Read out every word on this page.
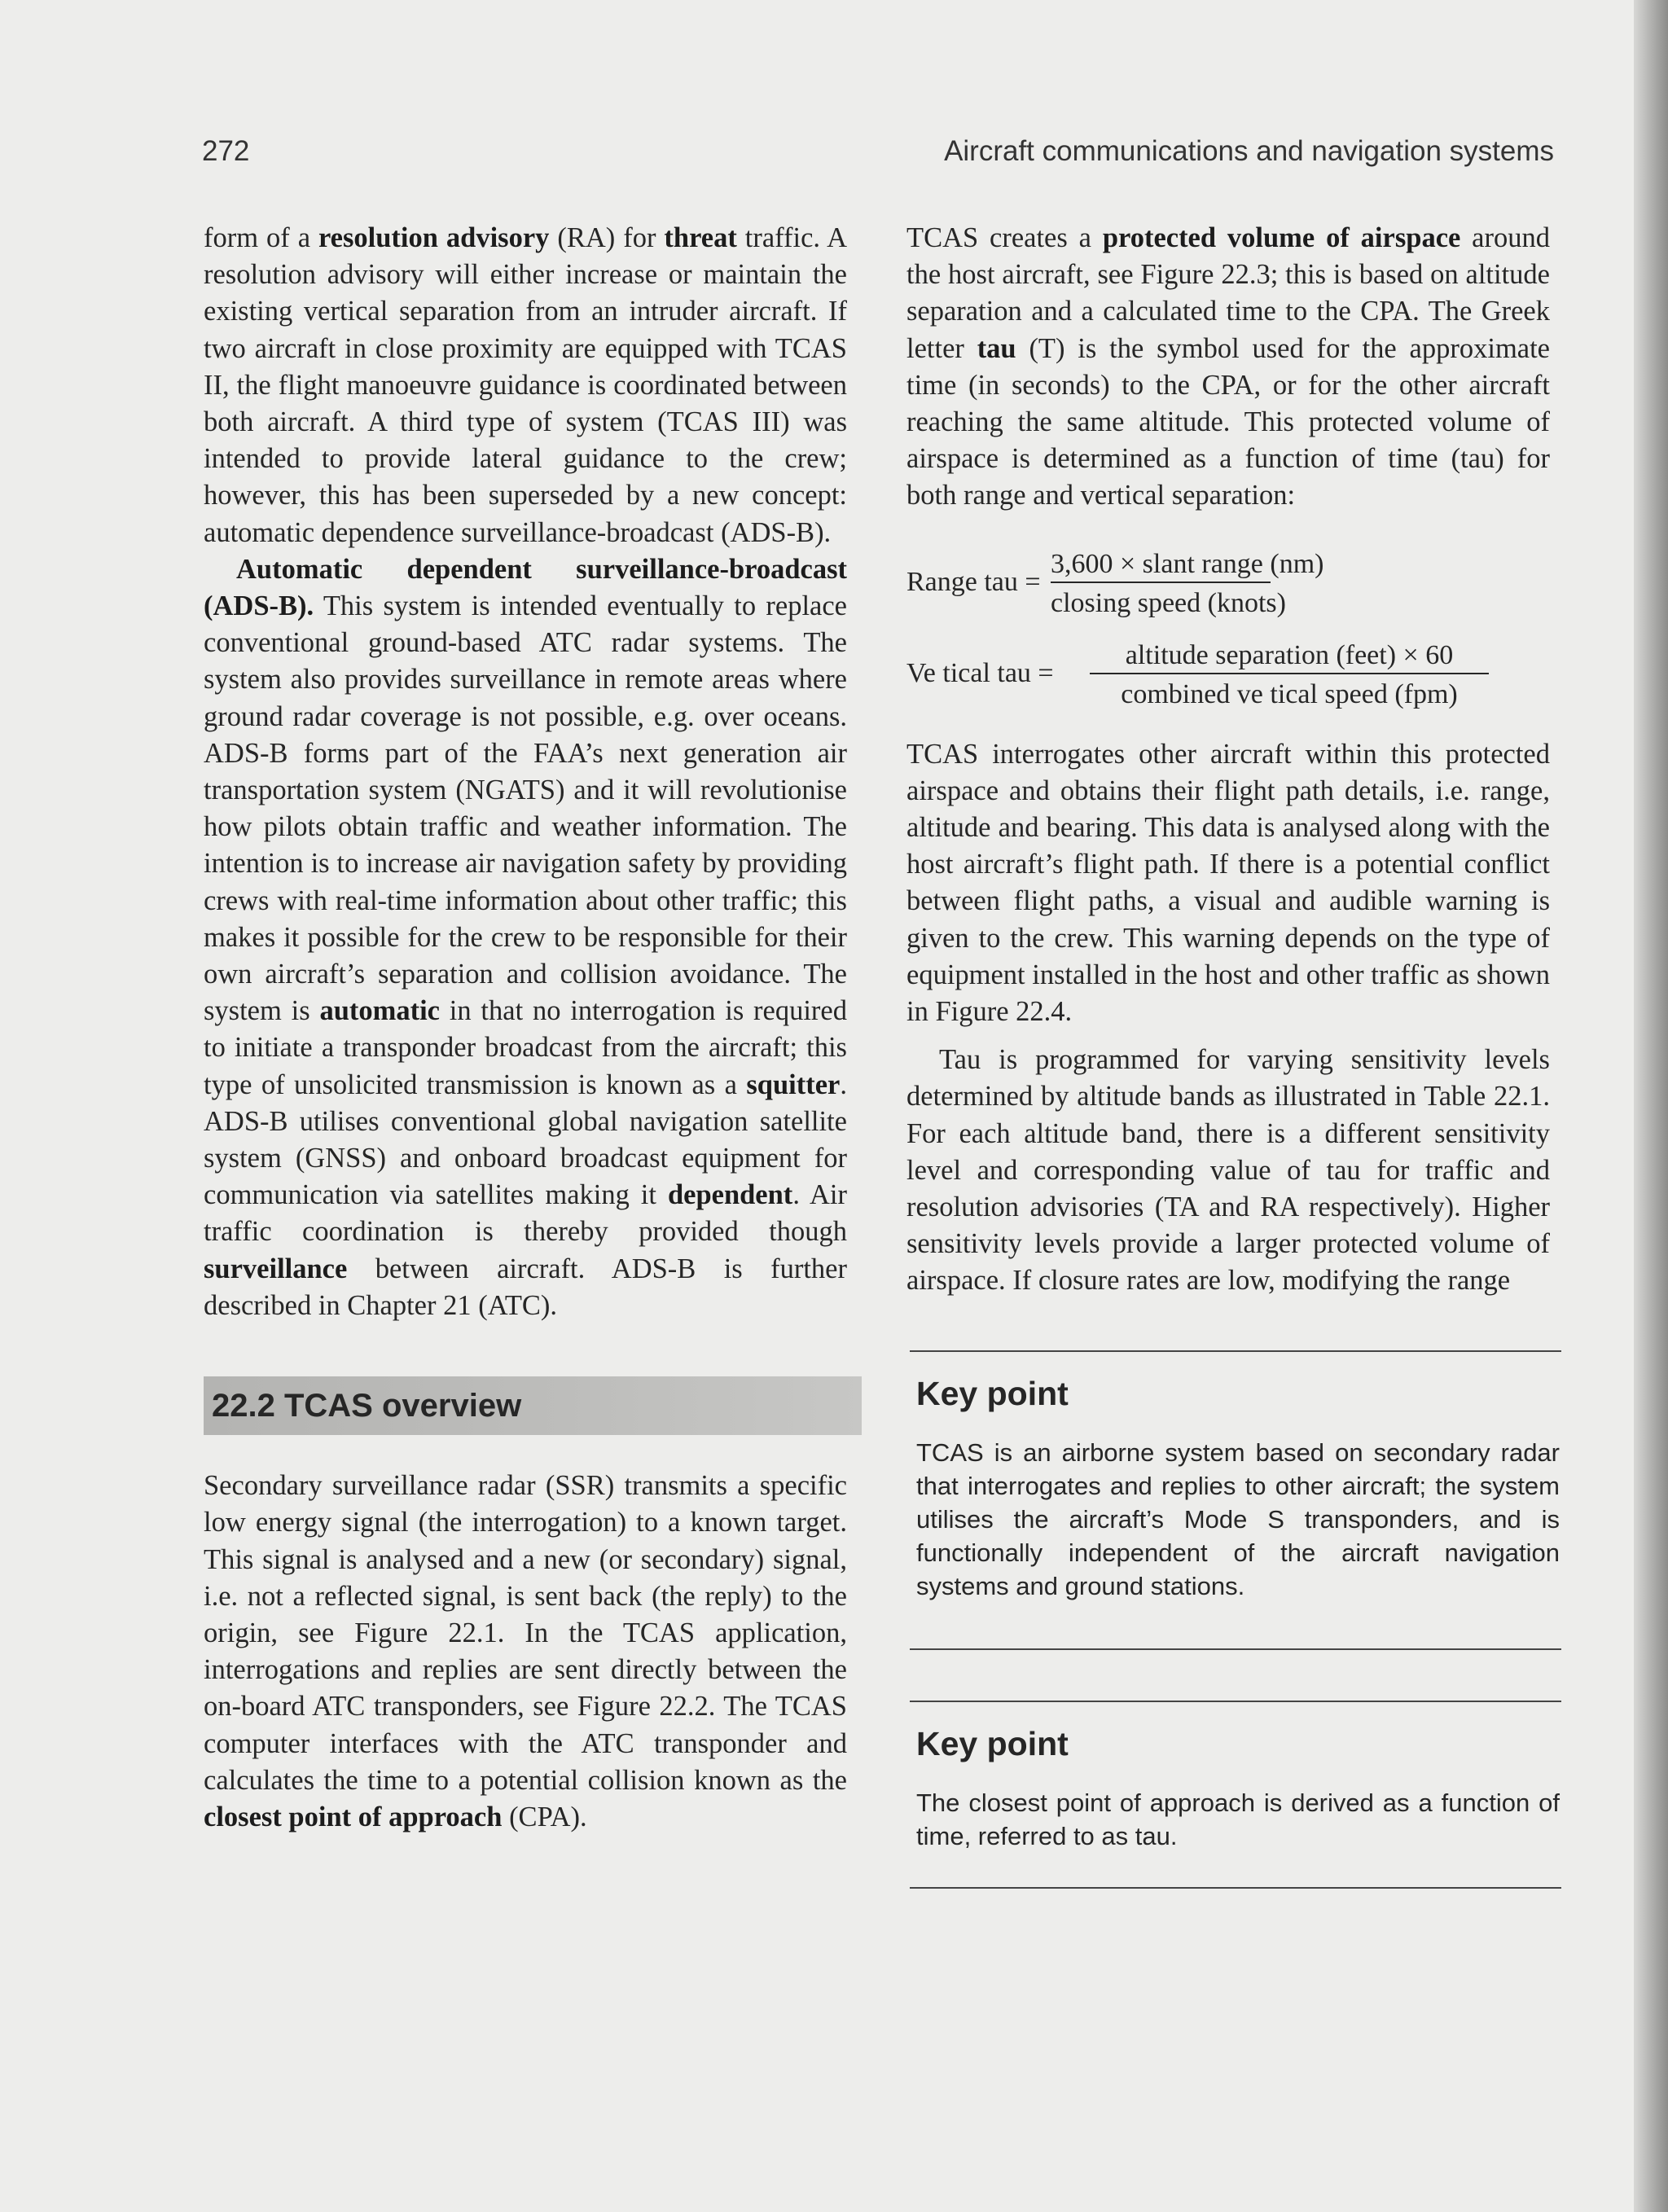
272	Aircraft communications and navigation systems

form of a resolution advisory (RA) for threat traffic. A resolution advisory will either increase or maintain the existing vertical separation from an intruder aircraft. If two aircraft in close proximity are equipped with TCAS II, the flight manoeuvre guidance is coordinated between both aircraft. A third type of system (TCAS III) was intended to provide lateral guidance to the crew; however, this has been superseded by a new concept: automatic dependence surveillance-broadcast (ADS-B).

Automatic dependent surveillance-broadcast (ADS-B). This system is intended eventually to replace conventional ground-based ATC radar systems. The system also provides surveillance in remote areas where ground radar coverage is not possible, e.g. over oceans. ADS-B forms part of the FAA’s next generation air transportation system (NGATS) and it will revolutionise how pilots obtain traffic and weather information. The intention is to increase air navigation safety by providing crews with real-time information about other traffic; this makes it possible for the crew to be responsible for their own aircraft’s separation and collision avoidance. The system is automatic in that no interrogation is required to initiate a transponder broadcast from the aircraft; this type of unsolicited transmission is known as a squitter. ADS-B utilises conventional global navigation satellite system (GNSS) and onboard broadcast equipment for communication via satellites making it dependent. Air traffic coordination is thereby provided though surveillance between aircraft. ADS-B is further described in Chapter 21 (ATC).

22.2 TCAS overview

Secondary surveillance radar (SSR) transmits a specific low energy signal (the interrogation) to a known target. This signal is analysed and a new (or secondary) signal, i.e. not a reflected signal, is sent back (the reply) to the origin, see Figure 22.1. In the TCAS application, interrogations and replies are sent directly between the on-board ATC transponders, see Figure 22.2. The TCAS computer interfaces with the ATC transponder and calculates the time to a potential collision known as the closest point of approach (CPA).

TCAS creates a protected volume of airspace around the host aircraft, see Figure 22.3; this is based on altitude separation and a calculated time to the CPA. The Greek letter tau (T) is the symbol used for the approximate time (in seconds) to the CPA, or for the other aircraft reaching the same altitude. This protected volume of airspace is determined as a function of time (tau) for both range and vertical separation:

Range tau =
3,600 × slant range (nm)
closing speed (knots)
Ve tical tau =
altitude separation (feet) × 60
combined ve tical speed (fpm)

TCAS interrogates other aircraft within this protected airspace and obtains their flight path details, i.e. range, altitude and bearing. This data is analysed along with the host aircraft’s flight path. If there is a potential conflict between flight paths, a visual and audible warning is given to the crew. This warning depends on the type of equipment installed in the host and other traffic as shown in Figure 22.4.

Tau is programmed for varying sensitivity levels determined by altitude bands as illustrated in Table 22.1. For each altitude band, there is a different sensitivity level and corresponding value of tau for traffic and resolution advisories (TA and RA respectively). Higher sensitivity levels provide a larger protected volume of airspace. If closure rates are low, modifying the range

Key point

TCAS is an airborne system based on secondary radar that interrogates and replies to other aircraft; the system utilises the aircraft’s Mode S transponders, and is functionally independent of the aircraft navigation systems and ground stations.

Key point

The closest point of approach is derived as a function of time, referred to as tau.
